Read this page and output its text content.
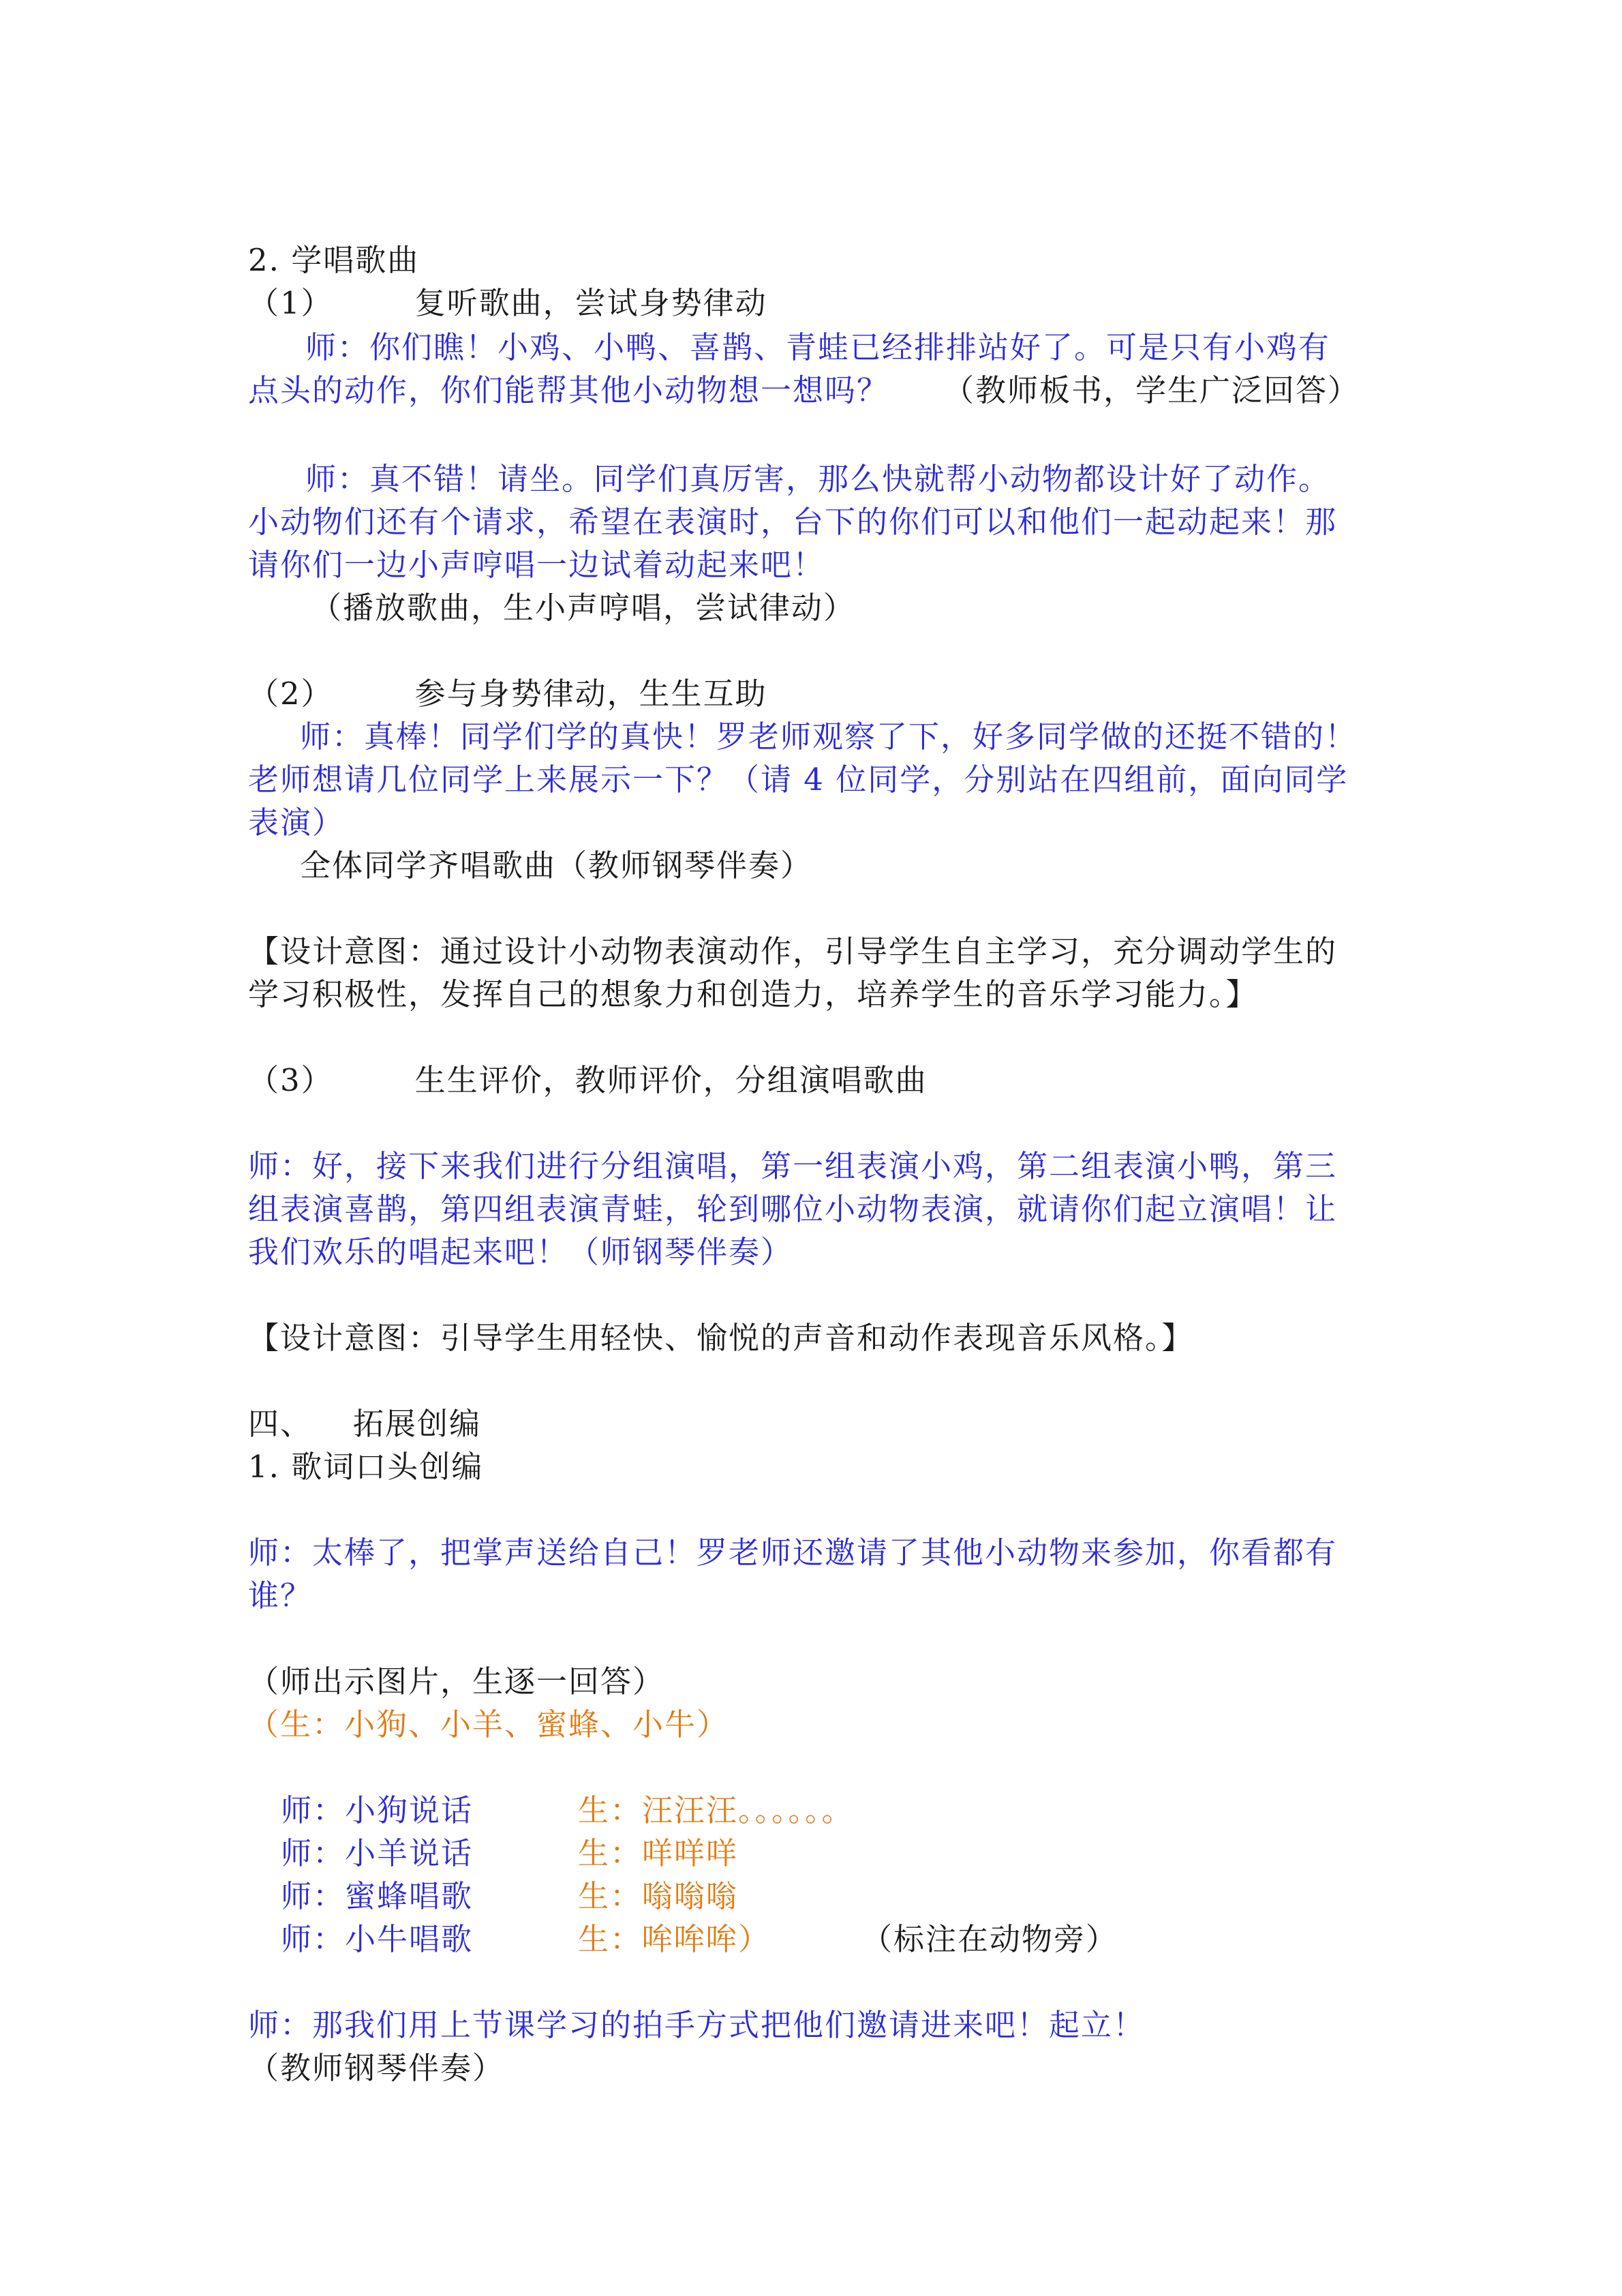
2. 学唱歌曲
（1）	复听歌曲，尝试身势律动
师：你们瞧！小鸡、小鸭、喜鹊、青蛙已经排排站好了。可是只有小鸡有
点头的动作，你们能帮其他小动物想一想吗？ （教师板书，学生广泛回答）
师：真不错！请坐。同学们真厉害，那么快就帮小动物都设计好了动作。
小动物们还有个请求，希望在表演时，台下的你们可以和他们一起动起来！那
请你们一边小声哼唱一边试着动起来吧！
（播放歌曲，生小声哼唱，尝试律动）
（2）	参与身势律动，生生互助
师：真棒！同学们学的真快！罗老师观察了下，好多同学做的还挺不错的！
老师想请几位同学上来展示一下？（请 4 位同学，分别站在四组前，面向同学
表演）
全体同学齐唱歌曲（教师钢琴伴奏）
【设计意图：通过设计小动物表演动作，引导学生自主学习，充分调动学生的
学习积极性，发挥自己的想象力和创造力，培养学生的音乐学习能力。】
（3）	生生评价，教师评价，分组演唱歌曲
师：好，接下来我们进行分组演唱，第一组表演小鸡，第二组表演小鸭，第三
组表演喜鹊，第四组表演青蛙，轮到哪位小动物表演，就请你们起立演唱！让
我们欢乐的唱起来吧！（师钢琴伴奏）
【设计意图：引导学生用轻快、愉悦的声音和动作表现音乐风格。】
四、 拓展创编
1. 歌词口头创编
师：太棒了，把掌声送给自己！罗老师还邀请了其他小动物来参加，你看都有
谁？
（师出示图片，生逐一回答）
（生：小狗、小羊、蜜蜂、小牛）
师：小狗说话	生：汪汪汪。。。。。。
师：小羊说话	生：咩咩咩
师：蜜蜂唱歌	生：嗡嗡嗡
师：小牛唱歌	生：哞哞哞）	（标注在动物旁）
师：那我们用上节课学习的拍手方式把他们邀请进来吧！起立！
（教师钢琴伴奏）
